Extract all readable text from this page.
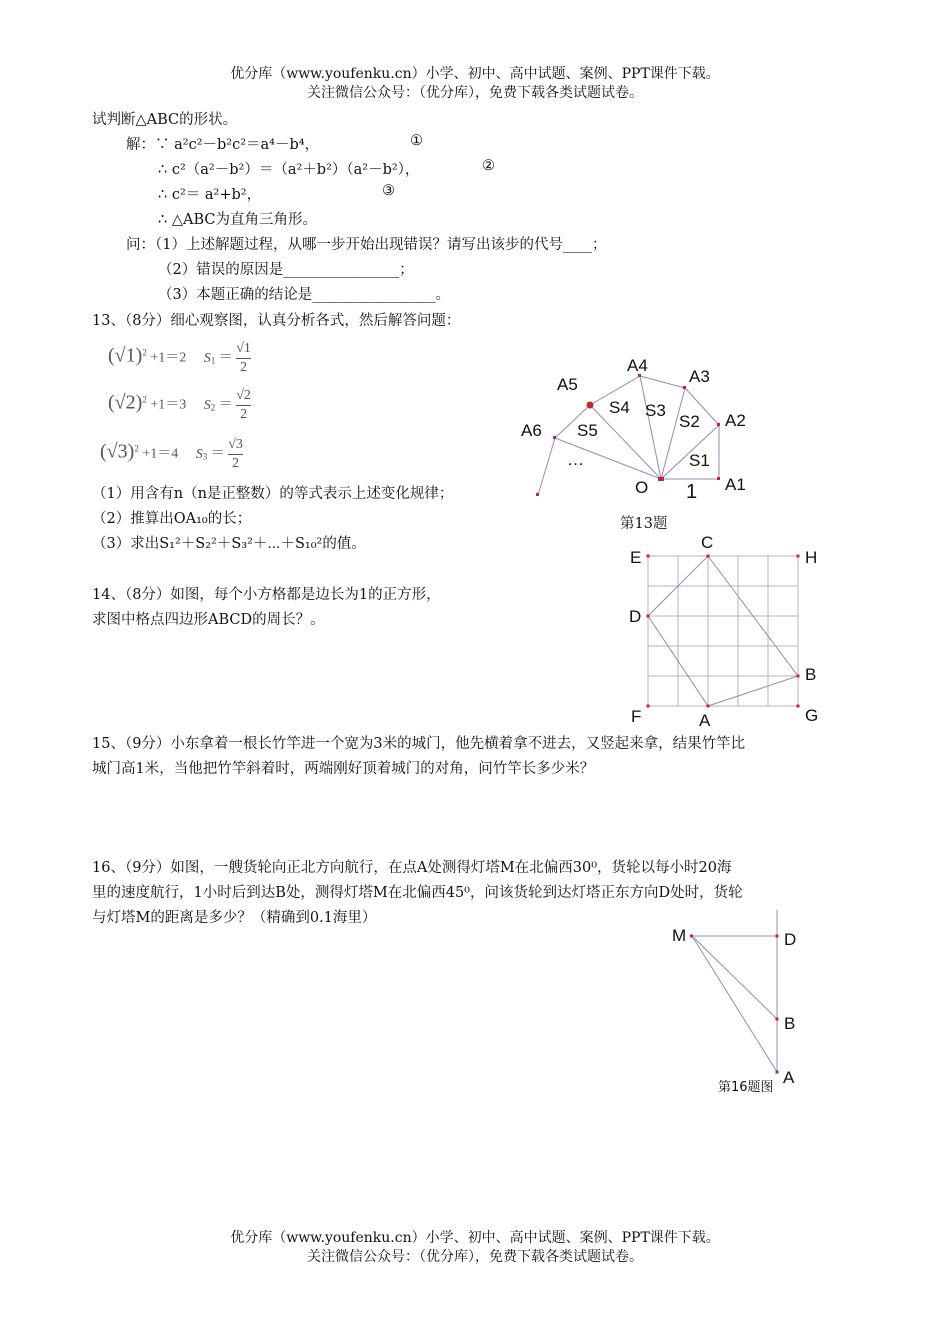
优分库（www.youfenku.cn）小学、初中、高中试题、案例、PPT课件下载。
关注微信公众号：（优分库），免费下载各类试题试卷。
试判断△ABC的形状。
解：∵ a²c²－b²c²＝a⁴－b⁴，	①
∴ c²（a²－b²）＝（a²＋b²）（a²－b²），	②
∴ c²＝ a²+b²，	③
∴ △ABC为直角三角形。
问：（1）上述解题过程，从哪一步开始出现错误？请写出该步的代号____；
（2）错误的原因是________________；
（3）本题正确的结论是_________________。
13、（8分）细心观察图，认真分析各式，然后解答问题：
$(√1)^2 +1=2$ $S_1 = \frac{√1}{2}$
$(√2)^2 +1=3$ $S_2 = \frac{√2}{2}$
$(√3)^2 +1=4$ $S_3 = \frac{√3}{2}$
（1）用含有n（n是正整数）的等式表示上述变化规律；
（2）推算出OA₁₀的长；
（3）求出S₁²＋S₂²＋S₃²＋⋯＋S₁₀²的值。
A4
A3
A5
A2
S4 S3
S2
A6 S5
S1
…
O 1 A1
第13题
14、（8分）如图，每个小方格都是边长为1的正方形，
求图中格点四边形ABCD的周长？。
C
E	H
D
B
F	A	G
15、（9分）小东拿着一根长竹竿进一个宽为3米的城门，他先横着拿不进去，又竖起来拿，结果竹竿比
城门高1米，当他把竹竿斜着时，两端刚好顶着城门的对角，问竹竿长多少米？
16、（9分）如图，一艘货轮向正北方向航行，在点A处测得灯塔M在北偏西30⁰，货轮以每小时20海
里的速度航行，1小时后到达B处，测得灯塔M在北偏西45⁰，问该货轮到达灯塔正东方向D处时，货轮
与灯塔M的距离是多少？（精确到0.1海里）
M	D
B
A
第16题图
优分库（www.youfenku.cn）小学、初中、高中试题、案例、PPT课件下载。
关注微信公众号：（优分库），免费下载各类试题试卷。
